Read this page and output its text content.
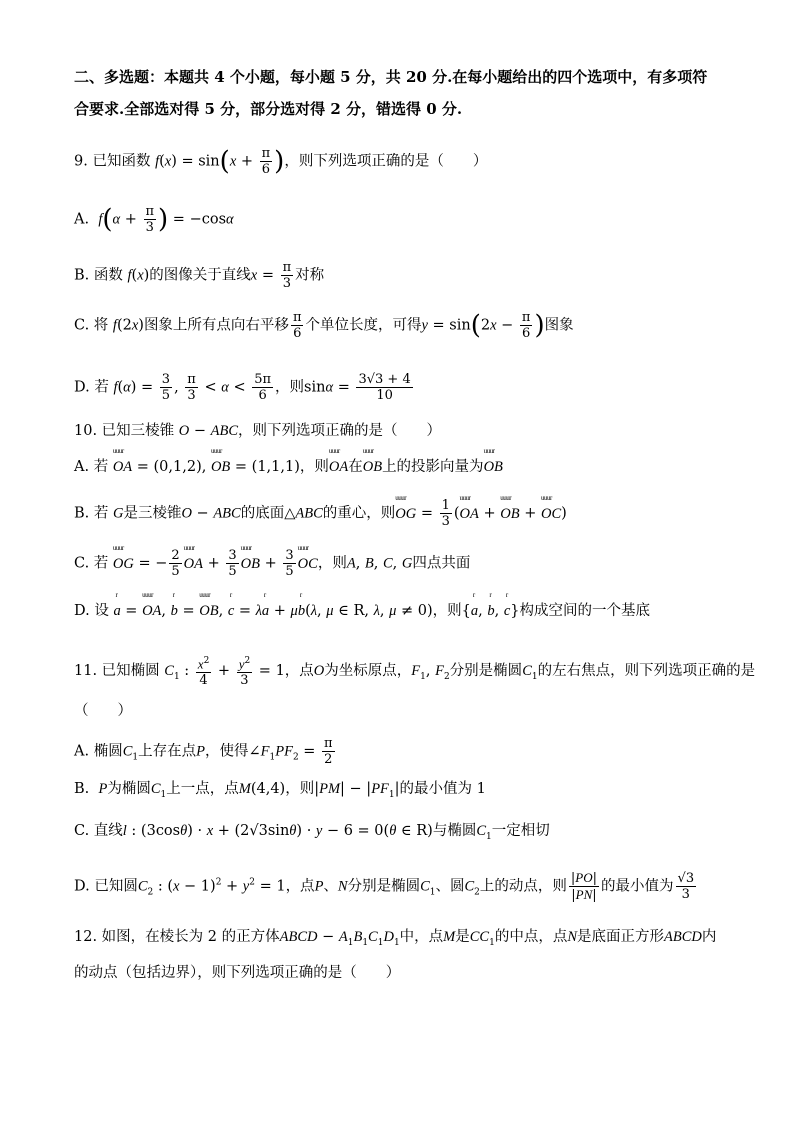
二、多选题：本题共 4 个小题，每小题 5 分，共 20 分.在每小题给出的四个选项中，有多项符
合要求.全部选对得 5 分，部分选对得 2 分，错选得 0 分.
9. 已知函数 $f(x) = \sin(x + \frac{\pi}{6}$ )，则下列选项正确的是（　　）
A. $f(\alpha + \frac{\pi}{3}$ ) = −cosα
B. 函数 f(x)的图像关于直线$x = \frac{\pi}{3}$ 对称
C. 将 f(2x)图象上所有点向右平移 $\frac{\pi}{6}$ 个单位长度，可得$y = \sin(2x - \frac{\pi}{6}$ )图象
D. 若 $f(\alpha) = \frac{3}{5}$ , $\frac{\pi}{3} < \alpha < \frac{5\pi}{6}$ ，则$\sin\alpha = \frac{3√3 + 4}{10}$
10. 已知三棱锥 O − ABC，则下列选项正确的是（　　）
A. 若 uuur OA = (0,1,2), uuur OB = (1,1,1)，则uuur OA在uuur OB上的投影向量为uuur OB
B. 若 G是三棱锥O − ABC的底面△ABC的重心，则uuur OG = $\frac{1}{3}$ (uuur OA + uuur OB + uuur OC)
C. 若 uuur OG = − $\frac{2}{5}$ uuur OA + $\frac{3}{5}$ uuur OB + $\frac{3}{5}$ uuur OC，则A, B, C, G四点共面
D. 设 r a = uuur OA, r b = uuur OB, r c = λr a + μr b(λ, μ ∈ R, λ, μ ≠ 0)，则{r a, r b, r c}构成空间的一个基底
11. 已知椭圆 $C_1$ : $\frac{x^2}{4} + \frac{y^2}{3} = 1$，点O为坐标原点，$F_1$, $F_2$分别是椭圆$C_1$的左右焦点，则下列选项正确的是
（　　）
A. 椭圆$C_1$上存在点P，使得$\angle F_1PF_2 = \frac{\pi}{2}$
B. P为椭圆$C_1$上一点，点M(4,4)，则$|PM| - |PF_1|$的最小值为 1
C. 直线l : (3cosθ) · x + (2√3sinθ) · y − 6 = 0(θ ∈ R)与椭圆$C_1$一定相切
D. 已知圆$C_2$ : $(x - 1)^2 + y^2 = 1$，点P、N分别是椭圆$C_1$、圆$C_2$上的动点，则 $\frac{|PO|}{|PN|}$ 的最小值为 $\frac{√3}{3}$
12. 如图，在棱长为 2 的正方体ABCD − $A_1B_1C_1D_1$中，点M是$CC_1$的中点，点N是底面正方形ABCD内
的动点（包括边界），则下列选项正确的是（　　）
